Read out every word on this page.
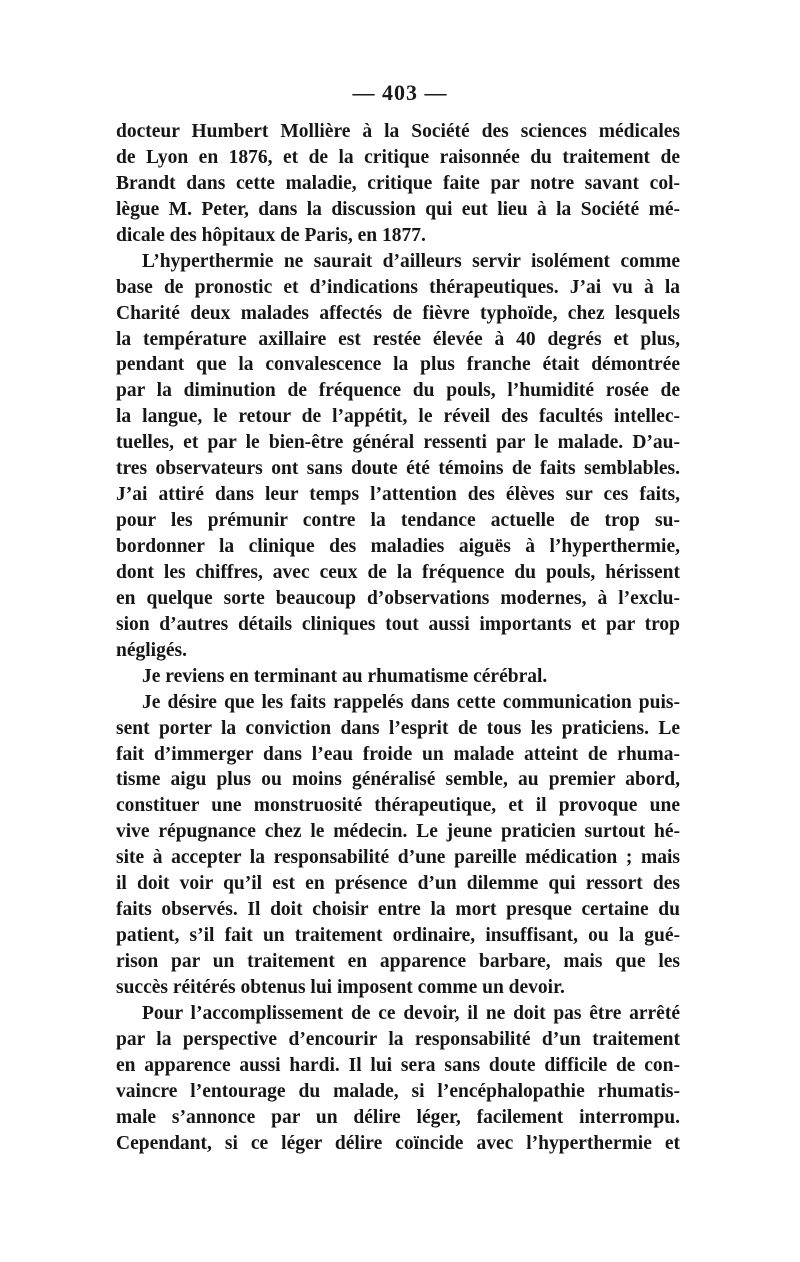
— 403 —
docteur Humbert Mollière à la Société des sciences médicales
de Lyon en 1876, et de la critique raisonnée du traitement de
Brandt dans cette maladie, critique faite par notre savant col-
lègue M. Peter, dans la discussion qui eut lieu à la Société mé-
dicale des hôpitaux de Paris, en 1877.
L’hyperthermie ne saurait d’ailleurs servir isolément comme
base de pronostic et d’indications thérapeutiques. J’ai vu à la
Charité deux malades affectés de fièvre typhoïde, chez lesquels
la température axillaire est restée élevée à 40 degrés et plus,
pendant que la convalescence la plus franche était démontrée
par la diminution de fréquence du pouls, l’humidité rosée de
la langue, le retour de l’appétit, le réveil des facultés intellec-
tuelles, et par le bien-être général ressenti par le malade. D’au-
tres observateurs ont sans doute été témoins de faits semblables.
J’ai attiré dans leur temps l’attention des élèves sur ces faits,
pour les prémunir contre la tendance actuelle de trop su-
bordonner la clinique des maladies aiguës à l’hyperthermie,
dont les chiffres, avec ceux de la fréquence du pouls, hérissent
en quelque sorte beaucoup d’observations modernes, à l’exclu-
sion d’autres détails cliniques tout aussi importants et par trop
négligés.
Je reviens en terminant au rhumatisme cérébral.
Je désire que les faits rappelés dans cette communication puis-
sent porter la conviction dans l’esprit de tous les praticiens. Le
fait d’immerger dans l’eau froide un malade atteint de rhuma-
tisme aigu plus ou moins généralisé semble, au premier abord,
constituer une monstruosité thérapeutique, et il provoque une
vive répugnance chez le médecin. Le jeune praticien surtout hé-
site à accepter la responsabilité d’une pareille médication ; mais
il doit voir qu’il est en présence d’un dilemme qui ressort des
faits observés. Il doit choisir entre la mort presque certaine du
patient, s’il fait un traitement ordinaire, insuffisant, ou la gué-
rison par un traitement en apparence barbare, mais que les
succès réitérés obtenus lui imposent comme un devoir.
Pour l’accomplissement de ce devoir, il ne doit pas être arrêté
par la perspective d’encourir la responsabilité d’un traitement
en apparence aussi hardi. Il lui sera sans doute difficile de con-
vaincre l’entourage du malade, si l’encéphalopathie rhumatis-
male s’annonce par un délire léger, facilement interrompu.
Cependant, si ce léger délire coïncide avec l’hyperthermie et
